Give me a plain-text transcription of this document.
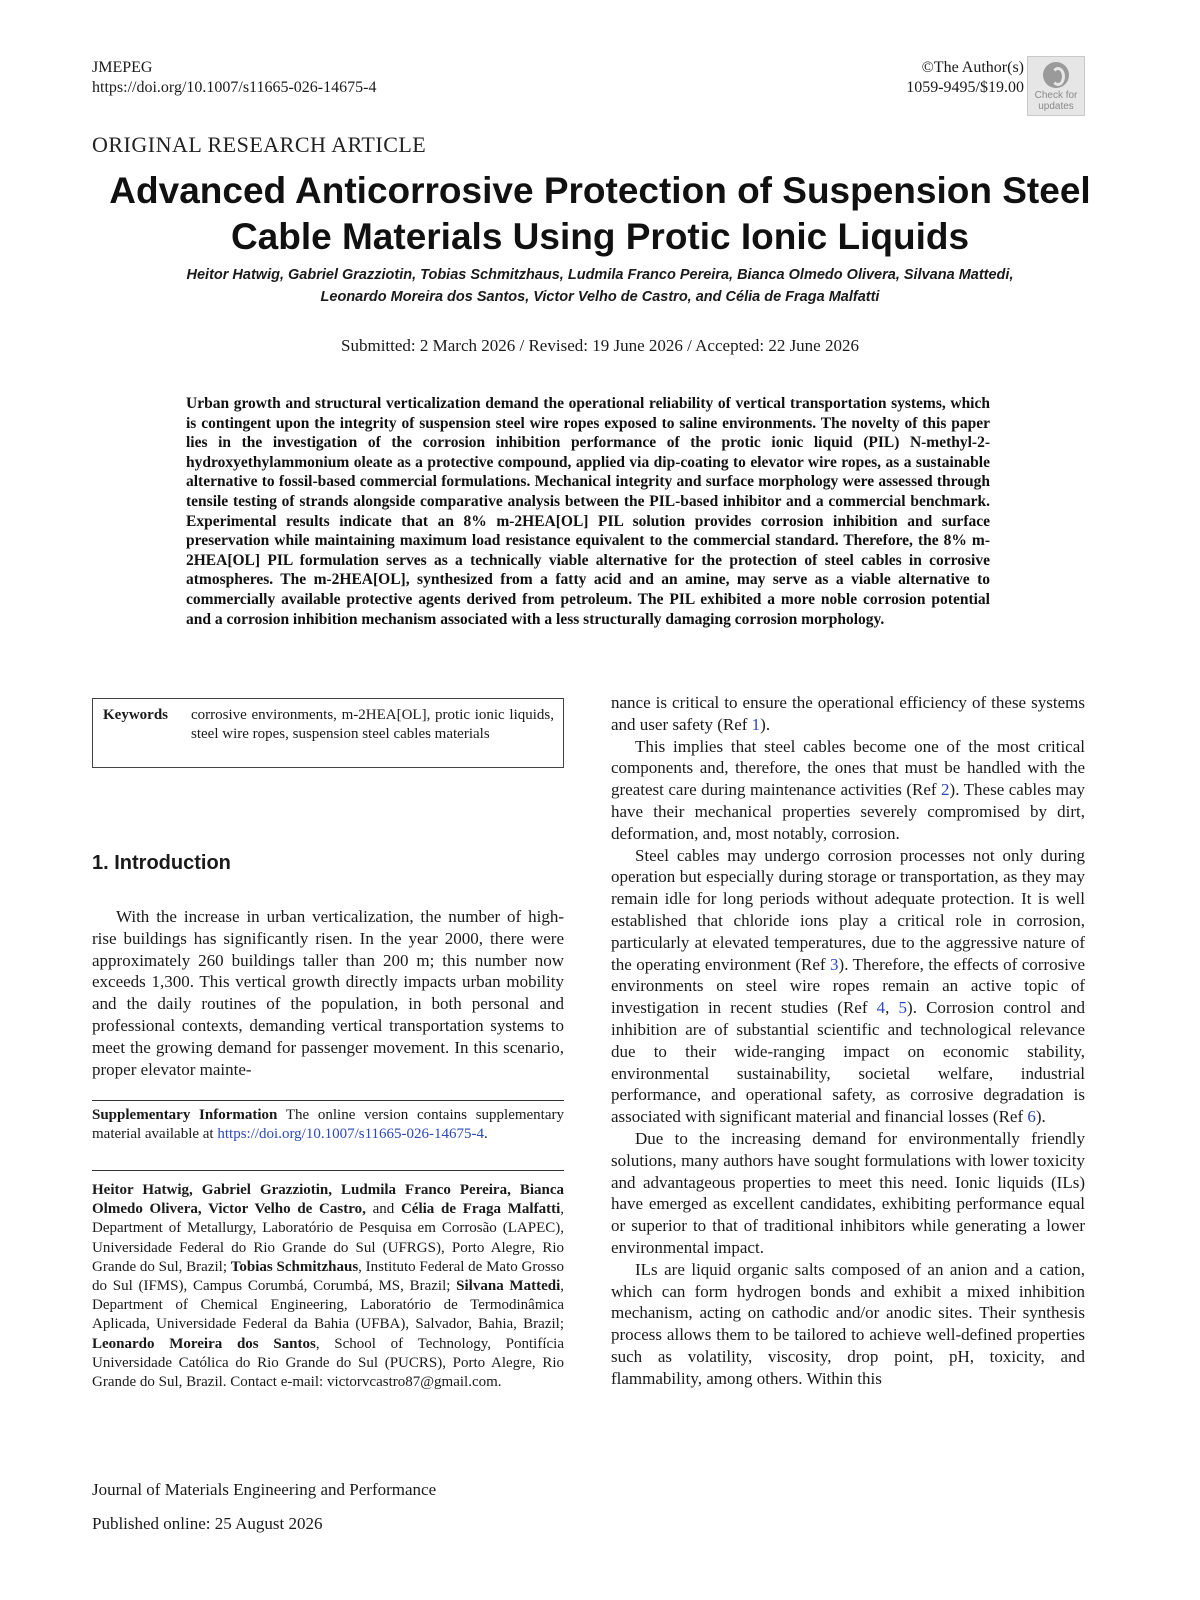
JMEPEG
https://doi.org/10.1007/s11665-026-14675-4
©The Author(s)
1059-9495/$19.00	Check for
updates
ORIGINAL RESEARCH ARTICLE
Advanced Anticorrosive Protection of Suspension Steel
Cable Materials Using Protic Ionic Liquids
Heitor Hatwig, Gabriel Grazziotin, Tobias Schmitzhaus, Ludmila Franco Pereira, Bianca Olmedo Olivera, Silvana Mattedi,
Leonardo Moreira dos Santos, Victor Velho de Castro, and Célia de Fraga Malfatti
Submitted: 2 March 2026 / Revised: 19 June 2026 / Accepted: 22 June 2026
Urban growth and structural verticalization demand the operational reliability of vertical transportation systems, which is contingent upon the integrity of suspension steel wire ropes exposed to saline environments. The novelty of this paper lies in the investigation of the corrosion inhibition performance of the protic ionic liquid (PIL) N-methyl-2-hydroxyethylammonium oleate as a protective compound, applied via dip-coating to elevator wire ropes, as a sustainable alternative to fossil-based commercial formulations. Mechanical integrity and surface morphology were assessed through tensile testing of strands alongside comparative analysis between the PIL-based inhibitor and a commercial benchmark. Experimental results indicate that an 8% m-2HEA[OL] PIL solution provides corrosion inhibition and surface preservation while maintaining maximum load resistance equivalent to the commercial standard. Therefore, the 8% m-2HEA[OL] PIL formulation serves as a technically viable alternative for the protection of steel cables in corrosive atmospheres. The m-2HEA[OL], synthesized from a fatty acid and an amine, may serve as a viable alternative to commercially available protective agents derived from petroleum. The PIL exhibited a more noble corrosion potential and a corrosion inhibition mechanism associated with a less structurally damaging corrosion morphology.
Keywords corrosive environments, m-2HEA[OL], protic ionic liquids, steel wire ropes, suspension steel cables materials
1. Introduction

With the increase in urban verticalization, the number of high-rise buildings has significantly risen. In the year 2000, there were approximately 260 buildings taller than 200 m; this number now exceeds 1,300. This vertical growth directly impacts urban mobility and the daily routines of the population, in both personal and professional contexts, demanding vertical transportation systems to meet the growing demand for passenger movement. In this scenario, proper elevator mainte-

Supplementary Information The online version contains supplementary material available at https://doi.org/10.1007/s11665-026-14675-4.
Heitor Hatwig, Gabriel Grazziotin, Ludmila Franco Pereira, Bianca Olmedo Olivera, Victor Velho de Castro, and Célia de Fraga Malfatti, Department of Metallurgy, Laboratório de Pesquisa em Corrosão (LAPEC), Universidade Federal do Rio Grande do Sul (UFRGS), Porto Alegre, Rio Grande do Sul, Brazil; Tobias Schmitzhaus, Instituto Federal de Mato Grosso do Sul (IFMS), Campus Corumbá, Corumbá, MS, Brazil; Silvana Mattedi, Department of Chemical Engineering, Laboratório de Termodinâmica Aplicada, Universidade Federal da Bahia (UFBA), Salvador, Bahia, Brazil; Leonardo Moreira dos Santos, School of Technology, Pontifícia Universidade Católica do Rio Grande do Sul (PUCRS), Porto Alegre, Rio Grande do Sul, Brazil. Contact e-mail: victorvcastro87@gmail.com.

nance is critical to ensure the operational efficiency of these systems and user safety (Ref 1).

This implies that steel cables become one of the most critical components and, therefore, the ones that must be handled with the greatest care during maintenance activities (Ref 2). These cables may have their mechanical properties severely compromised by dirt, deformation, and, most notably, corrosion.

Steel cables may undergo corrosion processes not only during operation but especially during storage or transportation, as they may remain idle for long periods without adequate protection. It is well established that chloride ions play a critical role in corrosion, particularly at elevated temperatures, due to the aggressive nature of the operating environment (Ref 3). Therefore, the effects of corrosive environments on steel wire ropes remain an active topic of investigation in recent studies (Ref 4, 5). Corrosion control and inhibition are of substantial scientific and technological relevance due to their wide-ranging impact on economic stability, environmental sustainability, societal welfare, industrial performance, and operational safety, as corrosive degradation is associated with significant material and financial losses (Ref 6).

Due to the increasing demand for environmentally friendly solutions, many authors have sought formulations with lower toxicity and advantageous properties to meet this need. Ionic liquids (ILs) have emerged as excellent candidates, exhibiting performance equal or superior to that of traditional inhibitors while generating a lower environmental impact.

ILs are liquid organic salts composed of an anion and a cation, which can form hydrogen bonds and exhibit a mixed inhibition mechanism, acting on cathodic and/or anodic sites. Their synthesis process allows them to be tailored to achieve well-defined properties such as volatility, viscosity, drop point, pH, toxicity, and flammability, among others. Within this

Journal of Materials Engineering and Performance
Published online: 25 August 2026
